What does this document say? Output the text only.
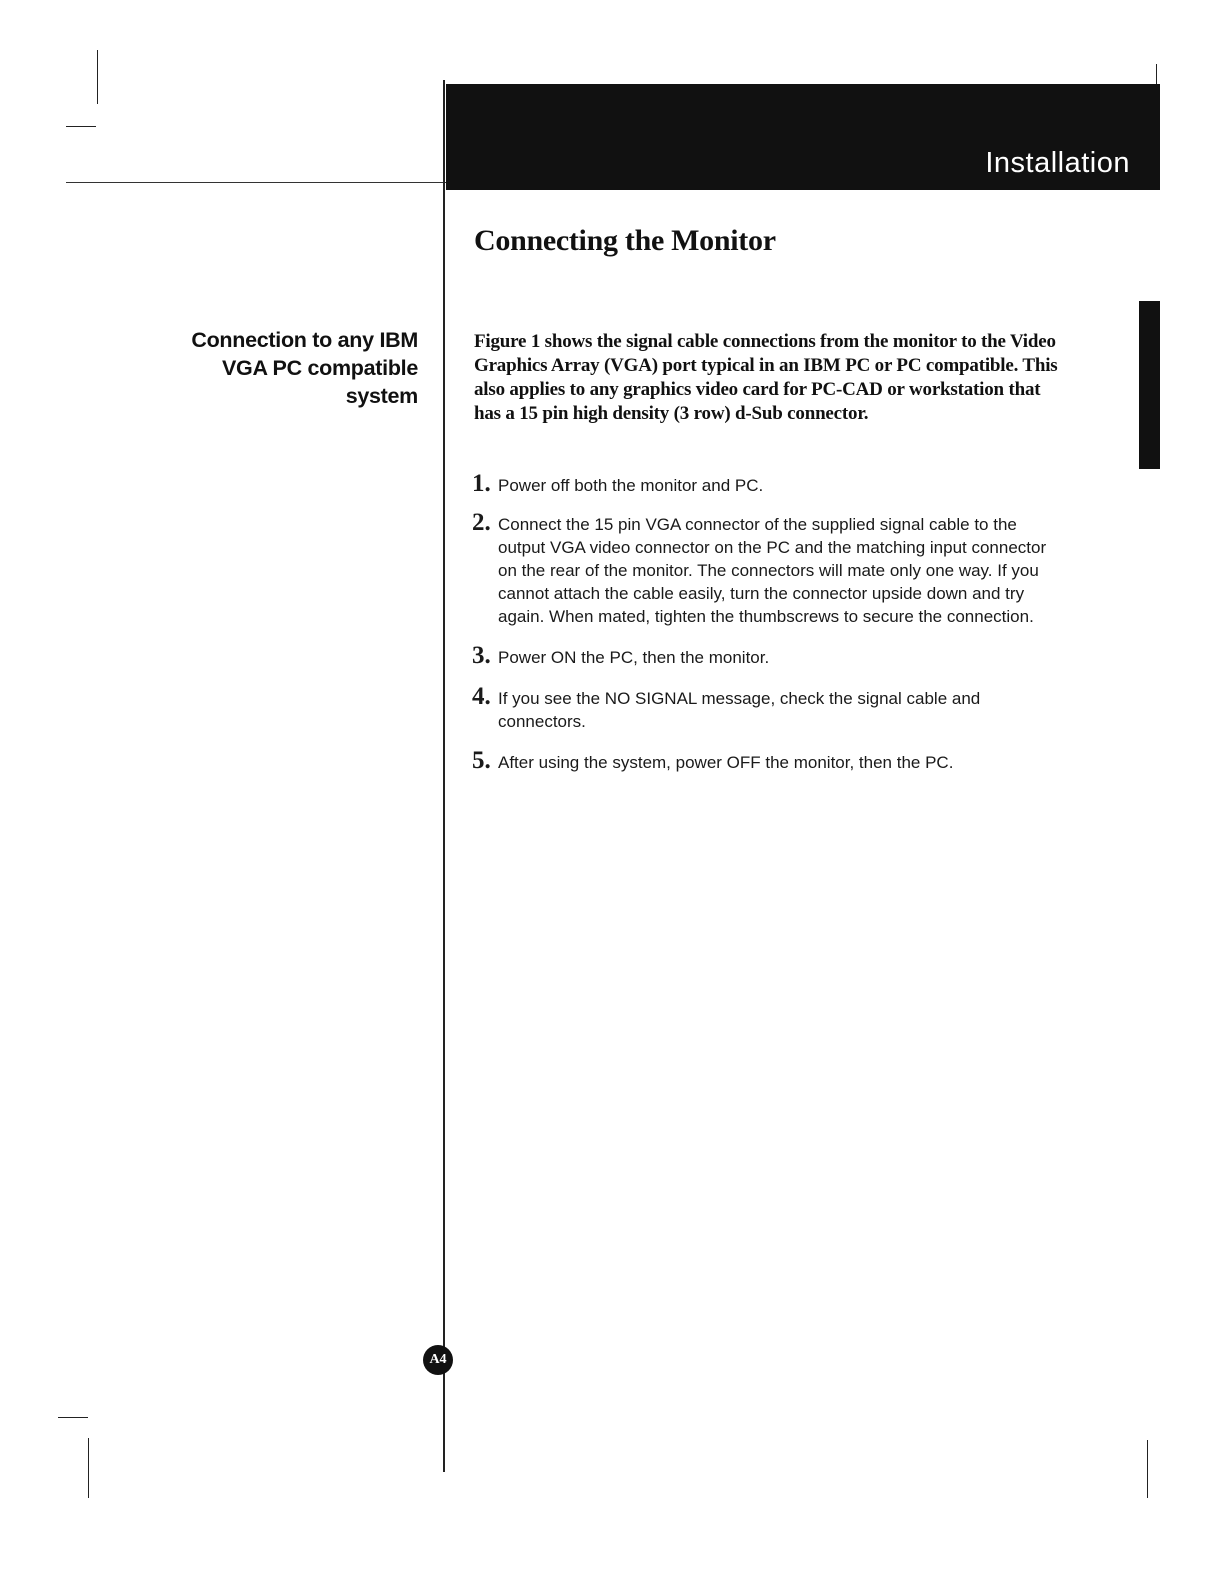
Installation
Connecting the Monitor
Connection to any IBM
VGA PC compatible
system

Figure 1 shows the signal cable connections from the monitor to the Video Graphics Array (VGA) port typical in an IBM PC or PC compatible. This also applies to any graphics video card for PC-CAD or workstation that has a 15 pin high density (3 row) d-Sub connector.

1. Power off both the monitor and PC.
2. Connect the 15 pin VGA connector of the supplied signal cable to the output VGA video connector on the PC and the matching input connector on the rear of the monitor. The connectors will mate only one way. If you cannot attach the cable easily, turn the connector upside down and try again. When mated, tighten the thumbscrews to secure the connection.
3. Power ON the PC, then the monitor.
4. If you see the NO SIGNAL message, check the signal cable and connectors.
5. After using the system, power OFF the monitor, then the PC.
A4
